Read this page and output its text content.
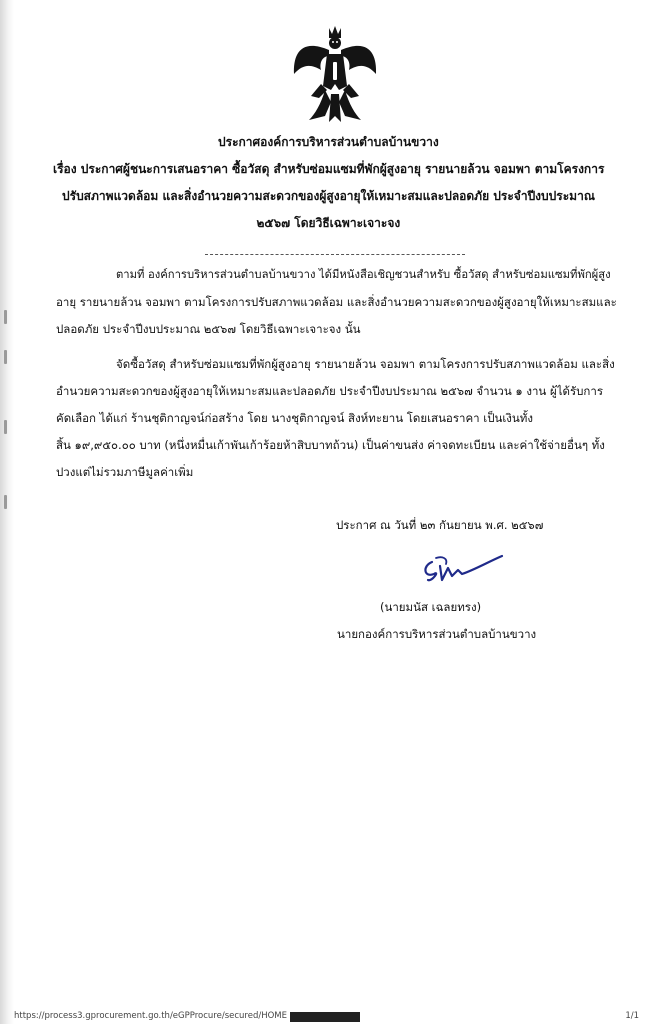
ประกาศองค์การบริหารส่วนตำบลบ้านขวาง
เรื่อง ประกาศผู้ชนะการเสนอราคา ซื้อวัสดุ สำหรับซ่อมแซมที่พักผู้สูงอายุ รายนายล้วน จอมพา ตามโครงการ
ปรับสภาพแวดล้อม และสิ่งอำนวยความสะดวกของผู้สูงอายุให้เหมาะสมและปลอดภัย ประจำปีงบประมาณ
๒๕๖๗ โดยวิธีเฉพาะเจาะจง
ตามที่ องค์การบริหารส่วนตำบลบ้านขวาง ได้มีหนังสือเชิญชวนสำหรับ ซื้อวัสดุ สำหรับซ่อมแซมที่พักผู้สูง
อายุ รายนายล้วน จอมพา ตามโครงการปรับสภาพแวดล้อม และสิ่งอำนวยความสะดวกของผู้สูงอายุให้เหมาะสมและ
ปลอดภัย ประจำปีงบประมาณ ๒๕๖๗ โดยวิธีเฉพาะเจาะจง นั้น
จัดซื้อวัสดุ สำหรับซ่อมแซมที่พักผู้สูงอายุ รายนายล้วน จอมพา ตามโครงการปรับสภาพแวดล้อม และสิ่ง
อำนวยความสะดวกของผู้สูงอายุให้เหมาะสมและปลอดภัย ประจำปีงบประมาณ ๒๕๖๗ จำนวน ๑ งาน ผู้ได้รับการ
คัดเลือก ได้แก่ ร้านชุติกาญจน์ก่อสร้าง โดย นางชุติกาญจน์ สิงห์ทะยาน โดยเสนอราคา เป็นเงินทั้ง
สิ้น ๑๙,๙๕๐.๐๐ บาท (หนึ่งหมื่นเก้าพันเก้าร้อยห้าสิบบาทถ้วน) เป็นค่าขนส่ง ค่าจดทะเบียน และค่าใช้จ่ายอื่นๆ ทั้ง
ปวงแต่ไม่รวมภาษีมูลค่าเพิ่ม
ประกาศ ณ วันที่ ๒๓ กันยายน พ.ศ. ๒๕๖๗
(นายมนัส เฉลยทรง)
นายกองค์การบริหารส่วนตำบลบ้านขวาง
https://process3.gprocurement.go.th/eGPProcure/secured/HOME	1/1
